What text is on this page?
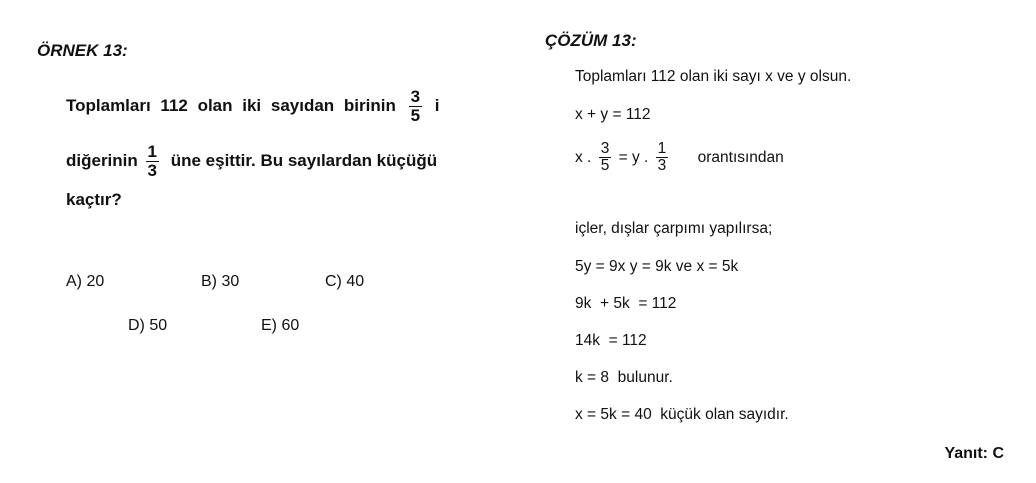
ÖRNEK 13:
Toplamları 112 olan iki sayıdan birinin $\frac{3}{5}$ i
diğerinin $\frac{1}{3}$ üne eşittir. Bu sayılardan küçüğü
kaçtır?
A) 20	B) 30	C) 40
D) 50	E) 60
ÇÖZÜM 13:
Toplamları 112 olan iki sayı x ve y olsun.
x + y = 112
x . $\frac{3}{5} = y$ . $\frac{1}{3}$ orantısından
içler, dışlar çarpımı yapılırsa;
5y = 9x y = 9k ve x = 5k
9k  + 5k  = 112
14k  = 112
k = 8  bulunur.
x = 5k = 40  küçük olan sayıdır.
Yanıt: C
